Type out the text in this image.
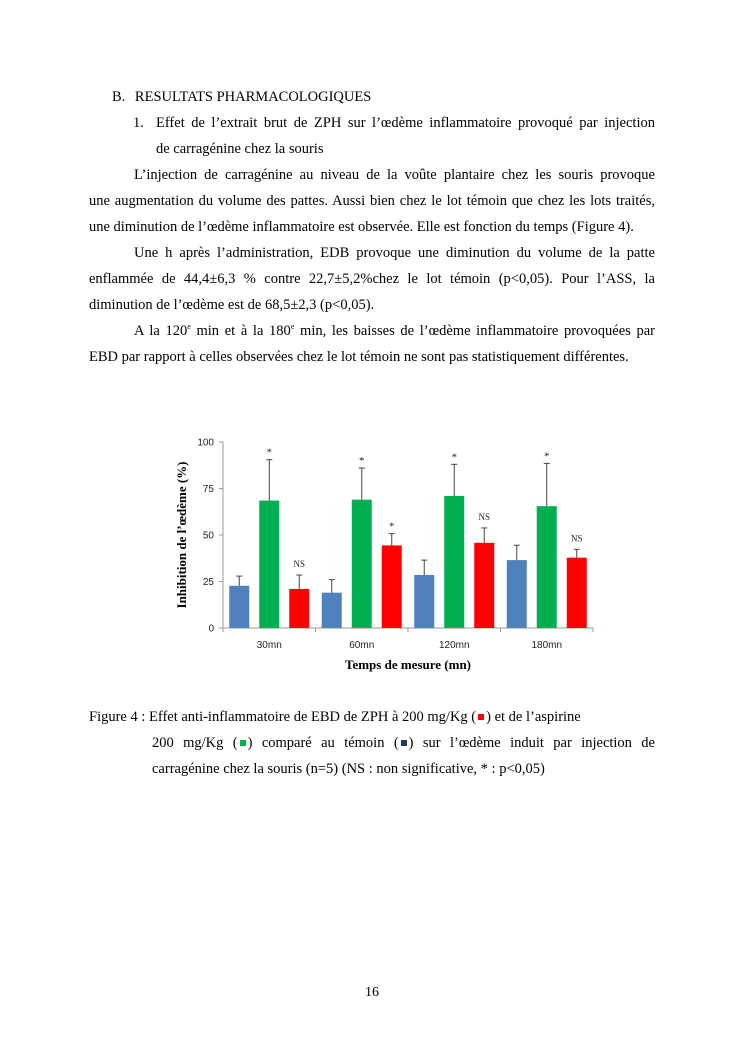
B. RESULTATS PHARMACOLOGIQUES
1. Effet de l’extrait brut de ZPH sur l’œdème inflammatoire provoqué par injection
de carragénine chez la souris
L’injection de carragénine au niveau de la voûte plantaire chez les souris provoque
une augmentation du volume des pattes. Aussi bien chez le lot témoin que chez les lots traités,
une diminution de l’œdème inflammatoire est observée. Elle est fonction du temps (Figure 4).
Une h après l’administration, EDB provoque une diminution du volume de la patte
enflammée de 44,4±6,3 % contre 22,7±5,2%chez le lot témoin (p<0,05). Pour l’ASS, la
diminution de l’œdème est de 68,5±2,3 (p<0,05).
A la 120e min et à la 180e min, les baisses de l’œdème inflammatoire provoquées par
EBD par rapport à celles observées chez le lot témoin ne sont pas statistiquement différentes.
0
25
50
75
100
30mn	60mn	120mn	180mn
*
*	*	*
NS
*
NS
NS
Inhibition de l’œdème (%)
Temps de mesure (mn)
Figure 4 : Effet anti-inflammatoire de EBD de ZPH à 200 mg/Kg ( ) et de l’aspirine
200 mg/Kg ( ) comparé au témoin ( ) sur l’œdème induit par injection de
carragénine chez la souris (n=5) (NS : non significative, * : p<0,05)
16
